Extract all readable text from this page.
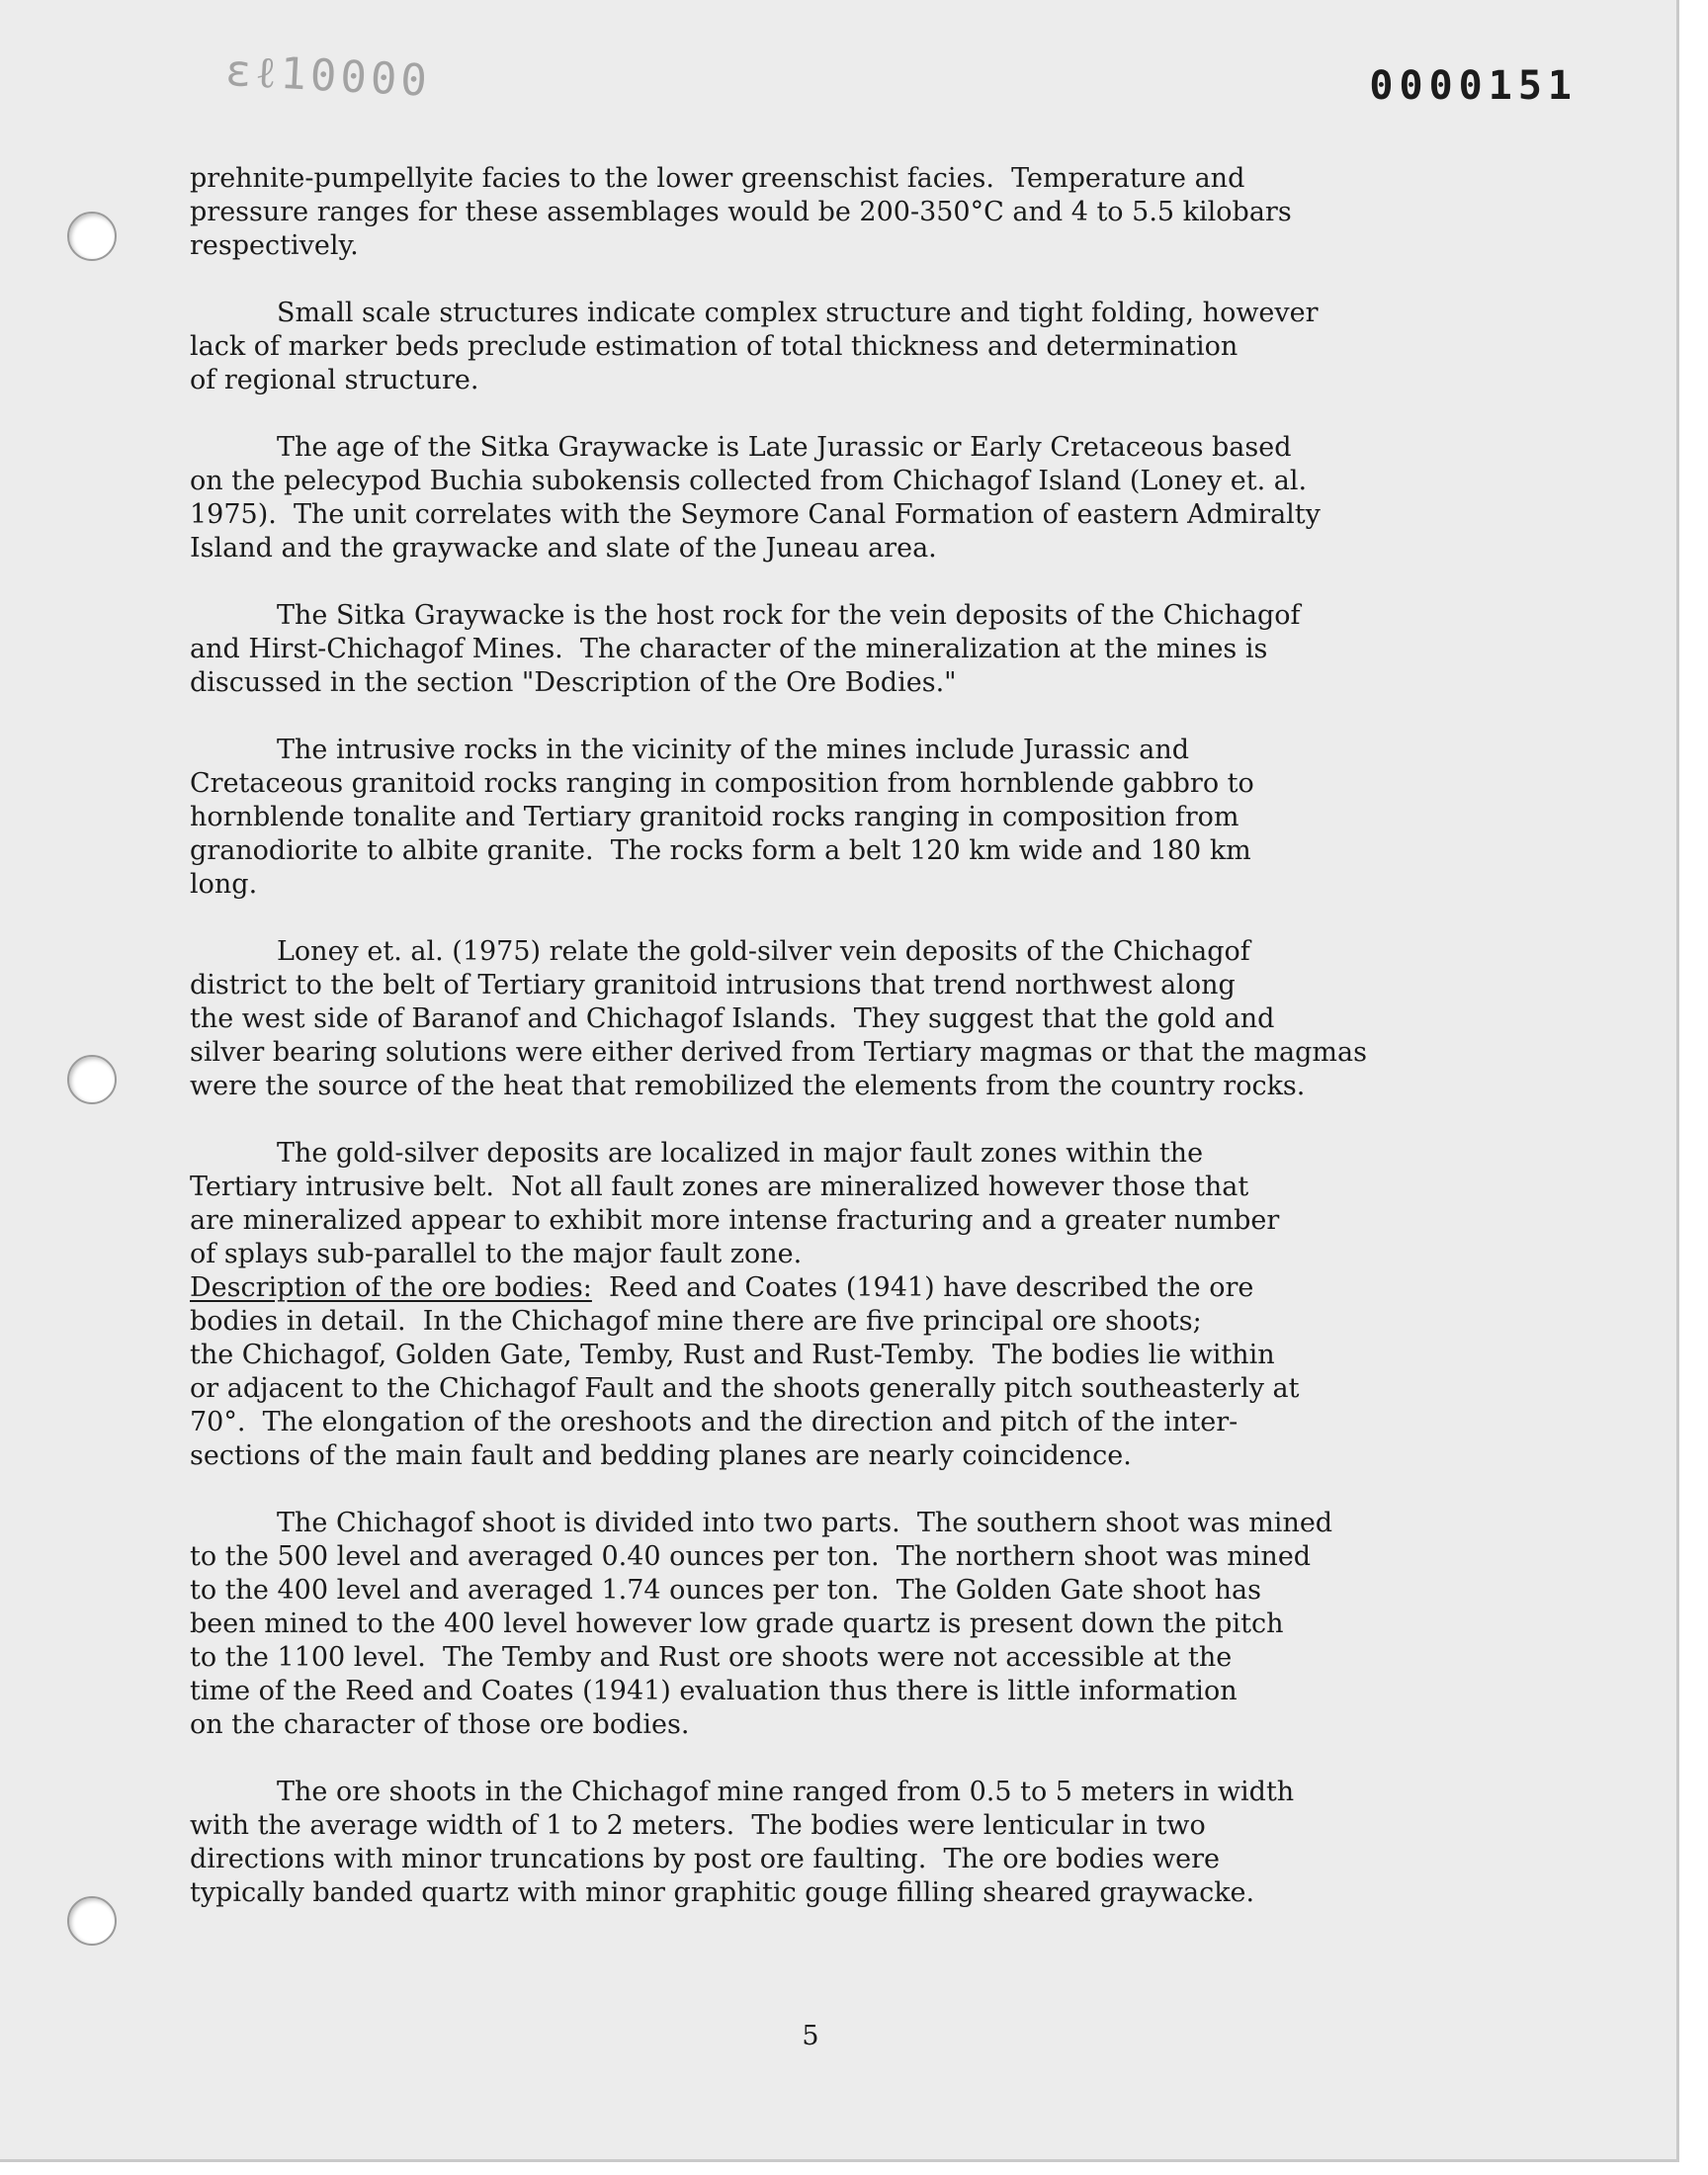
ɛℓ10000	0000151
prehnite-pumpellyite facies to the lower greenschist facies.  Temperature and
pressure ranges for these assemblages would be 200-350°C and 4 to 5.5 kilobars
respectively.
Small scale structures indicate complex structure and tight folding, however
lack of marker beds preclude estimation of total thickness and determination
of regional structure.
The age of the Sitka Graywacke is Late Jurassic or Early Cretaceous based
on the pelecypod Buchia subokensis collected from Chichagof Island (Loney et. al.
1975).  The unit correlates with the Seymore Canal Formation of eastern Admiralty
Island and the graywacke and slate of the Juneau area.
The Sitka Graywacke is the host rock for the vein deposits of the Chichagof
and Hirst-Chichagof Mines.  The character of the mineralization at the mines is
discussed in the section "Description of the Ore Bodies."
The intrusive rocks in the vicinity of the mines include Jurassic and
Cretaceous granitoid rocks ranging in composition from hornblende gabbro to
hornblende tonalite and Tertiary granitoid rocks ranging in composition from
granodiorite to albite granite.  The rocks form a belt 120 km wide and 180 km
long.
Loney et. al. (1975) relate the gold-silver vein deposits of the Chichagof
district to the belt of Tertiary granitoid intrusions that trend northwest along
the west side of Baranof and Chichagof Islands.  They suggest that the gold and
silver bearing solutions were either derived from Tertiary magmas or that the magmas
were the source of the heat that remobilized the elements from the country rocks.
The gold-silver deposits are localized in major fault zones within the
Tertiary intrusive belt.  Not all fault zones are mineralized however those that
are mineralized appear to exhibit more intense fracturing and a greater number
of splays sub-parallel to the major fault zone.
Description of the ore bodies:  Reed and Coates (1941) have described the ore
bodies in detail.  In the Chichagof mine there are five principal ore shoots;
the Chichagof, Golden Gate, Temby, Rust and Rust-Temby.  The bodies lie within
or adjacent to the Chichagof Fault and the shoots generally pitch southeasterly at
70°.  The elongation of the oreshoots and the direction and pitch of the inter-
sections of the main fault and bedding planes are nearly coincidence.
The Chichagof shoot is divided into two parts.  The southern shoot was mined
to the 500 level and averaged 0.40 ounces per ton.  The northern shoot was mined
to the 400 level and averaged 1.74 ounces per ton.  The Golden Gate shoot has
been mined to the 400 level however low grade quartz is present down the pitch
to the 1100 level.  The Temby and Rust ore shoots were not accessible at the
time of the Reed and Coates (1941) evaluation thus there is little information
on the character of those ore bodies.
The ore shoots in the Chichagof mine ranged from 0.5 to 5 meters in width
with the average width of 1 to 2 meters.  The bodies were lenticular in two
directions with minor truncations by post ore faulting.  The ore bodies were
typically banded quartz with minor graphitic gouge filling sheared graywacke.
5
